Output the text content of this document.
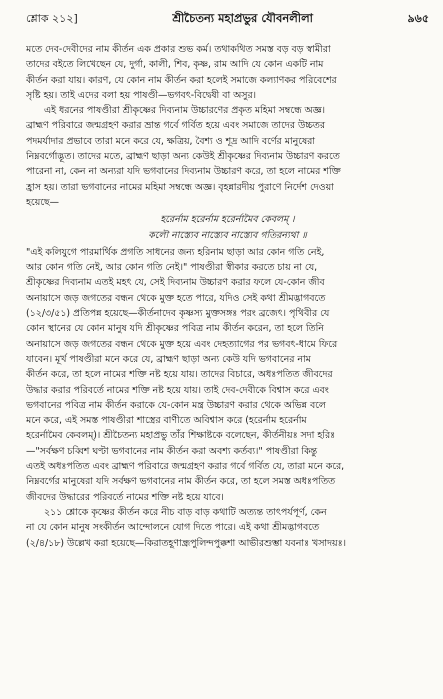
শ্লোক ২১২]	শ্রীচৈতন্য মহাপ্রভুর যৌবনলীলা	৯৬৫
মতে দেব-দেবীদের নাম কীর্তন এক প্রকার শুভ কর্ম। তথাকথিত সমস্ত বড় বড় স্বামীরা
তাদের বইতে লিখেছেন যে, দুর্গা, কালী, শিব, কৃষ্ণ, রাম আদি যে কোন একটি নাম
কীর্তন করা যায়। কারণ, যে কোন নাম কীর্তন করা হলেই সমাজে কল্যাণকর পরিবেশের
সৃষ্টি হয়। তাই এদের বলা হয় পাষণ্ডী—ভগবৎ-বিদ্বেষী বা অসুর।
এই ধরনের পাষণ্ডীরা শ্রীকৃষ্ণের দিব্যনাম উচ্চারণের প্রকৃত মহিমা সম্বন্ধে অজ্ঞ।
ব্রাহ্মণ পরিবারে জন্মগ্রহণ করার ভ্রান্ত গর্বে গর্বিত হয়ে এবং সমাজে তাদের উচ্চতর
পদমর্যাদার প্রভাবে তারা মনে করে যে, ক্ষত্রিয়, বৈশ্য ও শূদ্র আদি বর্ণের মানুষেরা
নিম্নবর্গোদ্ভূত। তাদের মতে, ব্রাহ্মণ ছাড়া অন্য কেউই শ্রীকৃষ্ণের দিব্যনাম উচ্চারণ করতে
পারেনা না, কেন না অন্যরা যদি ভগবানের দিব্যনাম উচ্চারণ করে, তা হলে নামের শক্তি
হ্রাস হয়। তারা ভগবানের নামের মহিমা সম্বন্ধে অজ্ঞ। বৃহন্নারদীয় পুরাণে নির্দেশ দেওয়া
হয়েছে—
হরের্নাম হরের্নাম হরের্নামৈব কেবলম্ ।
কলৌ নাস্ত্যেব নাস্ত্যেব নাস্ত্যেব গতিরন্যথা ॥
"এই কলিযুগে পারমার্থিক প্রগতি সাধনের জন্য হরিনাম ছাড়া আর কোন গতি নেই,
আর কোন গতি নেই, আর কোন গতি নেই।" পাষণ্ডীরা স্বীকার করতে চায় না যে,
শ্রীকৃষ্ণের দিব্যনাম এতই মহৎ যে, সেই দিব্যনাম উচ্চারণ করার ফলে যে-কোন জীব
অনায়াসে জড় জগতের বন্ধন থেকে মুক্ত হতে পারে, যদিও সেই কথা শ্রীমদ্ভাগবতে
(১২/৩/৫১) প্রতিপন্ন হয়েছে—কীর্তনাদেব কৃষ্ণস্য মুক্তসঙ্গঃ পরং ব্রজেৎ। পৃথিবীর যে
কোন স্থানের যে কোন মানুষ যদি শ্রীকৃষ্ণের পবিত্র নাম কীর্তন করেন, তা হলে তিনি
অনায়াসে জড় জগতের বন্ধন থেকে মুক্ত হয়ে এবং দেহত্যাগের পর ভগবৎ-ধামে ফিরে
যাবেন। মূর্খ পাষণ্ডীরা মনে করে যে, ব্রাহ্মণ ছাড়া অন্য কেউ যদি ভগবানের নাম
কীর্তন করে, তা হলে নামের শক্তি নষ্ট হয়ে যায়। তাদের বিচারে, অধঃপতিত জীবদের
উদ্ধার করার পরিবর্তে নামের শক্তি নষ্ট হয়ে যায়। তাই দেব-দেবীকে বিশ্বাস করে এবং
ভগবানের পবিত্র নাম কীর্তন করাকে যে-কোন মন্ত্র উচ্চারণ করার থেকে অভিন্ন বলে
মনে করে, এই সমস্ত পাষণ্ডীরা শাস্ত্রের বাণীতে অবিশ্বাস করে (হরের্নাম হরের্নাম
হরের্নামৈব কেবলম্)। শ্রীচৈতন্য মহাপ্রভু তাঁর শিক্ষাষ্টকে বলেছেন, কীর্তনীয়ঃ সদা হরিঃ
—"সর্বক্ষণ চব্বিশ ঘণ্টা ভগবানের নাম কীর্তন করা অবশ্য কর্তব্য।" পাষণ্ডীরা কিন্তু
এতই অধঃপতিত এবং ব্রাহ্মণ পরিবারে জন্মগ্রহণ করার গর্বে গর্বিত যে, তারা মনে করে,
নিম্নবর্গের মানুষেরা যদি সর্বক্ষণ ভগবানের নাম কীর্তন করে, তা হলে সমস্ত অধঃপতিত
জীবদের উদ্ধারের পরিবর্তে নামের শক্তি নষ্ট হয়ে যাবে।
২১১ শ্লোকে কৃষ্ণের কীর্তন করে নীচ বাড় বাড় কথাটি অত্যন্ত তাৎপর্যপূর্ণ, কেন
না যে কোন মানুষ সংকীর্তন আন্দোলনে যোগ দিতে পারে। এই কথা শ্রীমদ্ভাগবতে
(২/৪/১৮) উল্লেখ করা হয়েছে—কিরাতহূণান্ধ্রপুলিন্দপুক্কশা আভীরশুম্ভা যবনাঃ খসাদয়ঃ।
